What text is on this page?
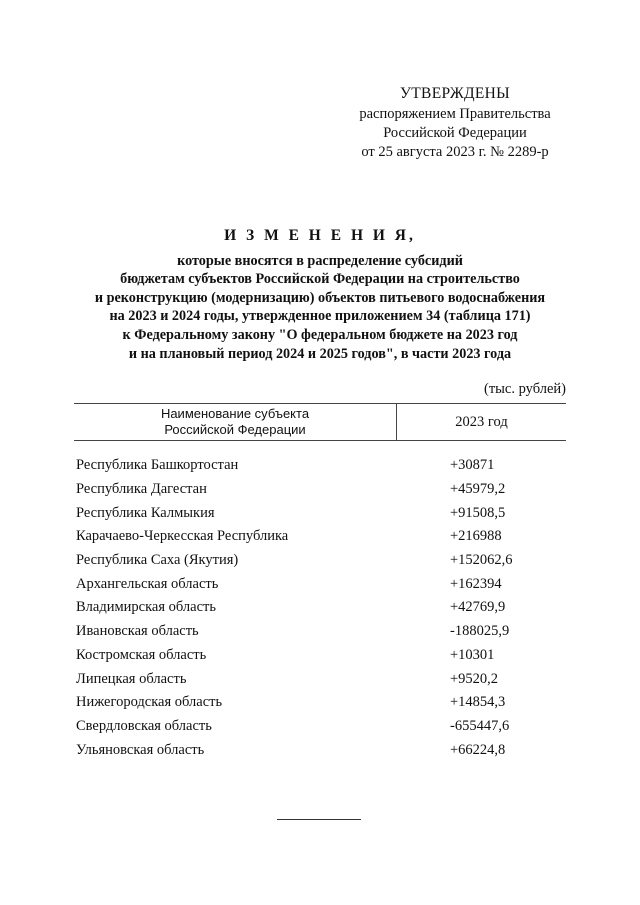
УТВЕРЖДЕНЫ
распоряжением Правительства
Российской Федерации
от 25 августа 2023 г. № 2289-р
И З М Е Н Е Н И Я,
которые вносятся в распределение субсидий
бюджетам субъектов Российской Федерации на строительство
и реконструкцию (модернизацию) объектов питьевого водоснабжения
на 2023 и 2024 годы, утвержденное приложением 34 (таблица 171)
к Федеральному закону "О федеральном бюджете на 2023 год
и на плановый период 2024 и 2025 годов", в части 2023 года
(тыс. рублей)
Наименование субъекта
Российской Федерации	2023 год
Республика Башкортостан	+30871
Республика Дагестан	+45979,2
Республика Калмыкия	+91508,5
Карачаево-Черкесская Республика	+216988
Республика Саха (Якутия)	+152062,6
Архангельская область	+162394
Владимирская область	+42769,9
Ивановская область	-188025,9
Костромская область	+10301
Липецкая область	+9520,2
Нижегородская область	+14854,3
Свердловская область	-655447,6
Ульяновская область	+66224,8
